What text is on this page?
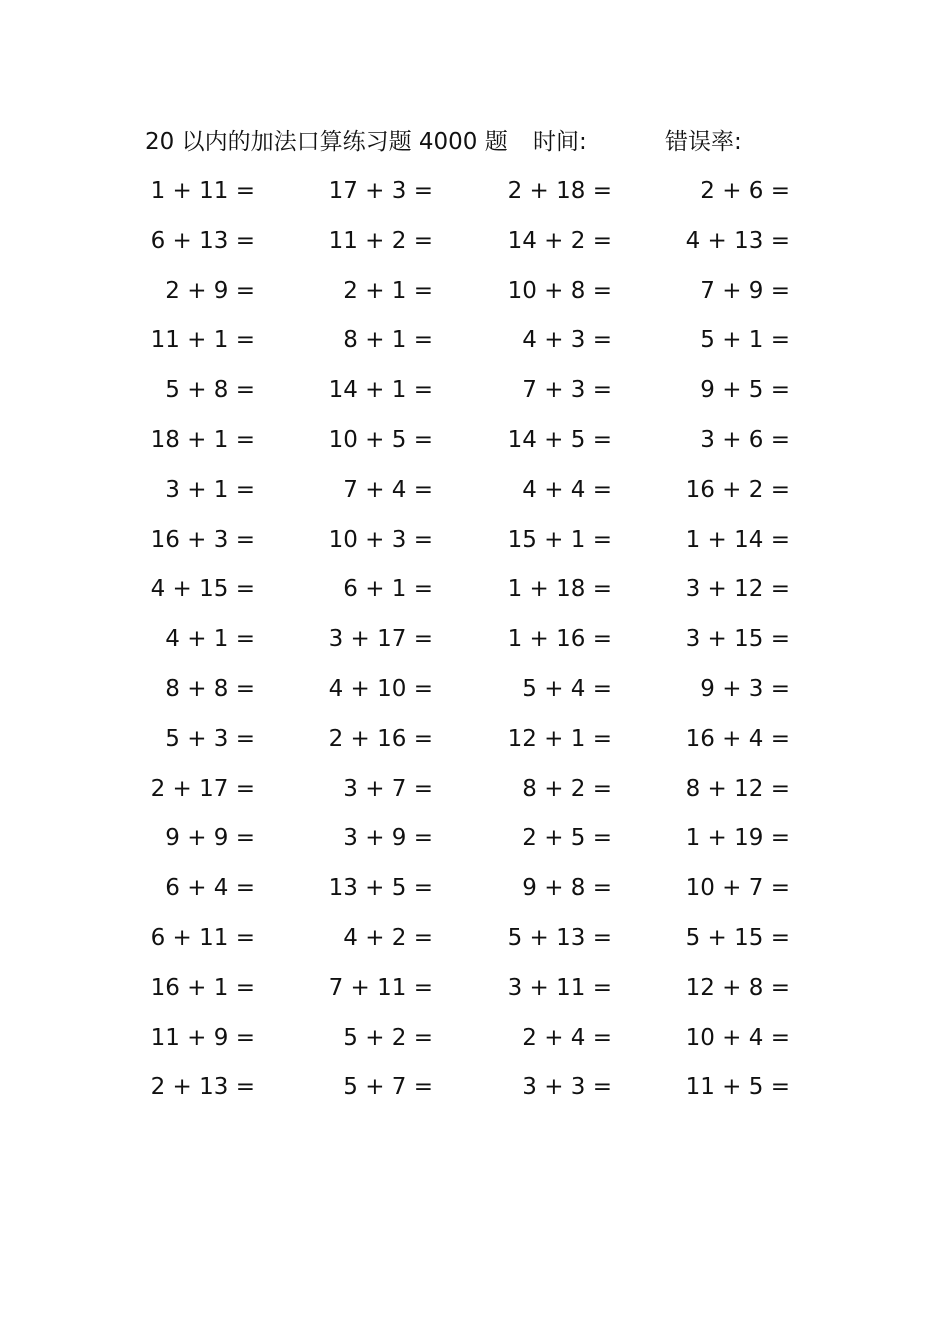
20 以内的加法口算练习题 4000 题 时间:	错误率:
1 + 11 =	17 + 3 =	2 + 18 =	2 + 6 =
6 + 13 =	11 + 2 =	14 + 2 =	4 + 13 =
2 + 9 =	2 + 1 =	10 + 8 =	7 + 9 =
11 + 1 =	8 + 1 =	4 + 3 =	5 + 1 =
5 + 8 =	14 + 1 =	7 + 3 =	9 + 5 =
18 + 1 =	10 + 5 =	14 + 5 =	3 + 6 =
3 + 1 =	7 + 4 =	4 + 4 =	16 + 2 =
16 + 3 =	10 + 3 =	15 + 1 =	1 + 14 =
4 + 15 =	6 + 1 =	1 + 18 =	3 + 12 =
4 + 1 =	3 + 17 =	1 + 16 =	3 + 15 =
8 + 8 =	4 + 10 =	5 + 4 =	9 + 3 =
5 + 3 =	2 + 16 =	12 + 1 =	16 + 4 =
2 + 17 =	3 + 7 =	8 + 2 =	8 + 12 =
9 + 9 =	3 + 9 =	2 + 5 =	1 + 19 =
6 + 4 =	13 + 5 =	9 + 8 =	10 + 7 =
6 + 11 =	4 + 2 =	5 + 13 =	5 + 15 =
16 + 1 =	7 + 11 =	3 + 11 =	12 + 8 =
11 + 9 =	5 + 2 =	2 + 4 =	10 + 4 =
2 + 13 =	5 + 7 =	3 + 3 =	11 + 5 =
